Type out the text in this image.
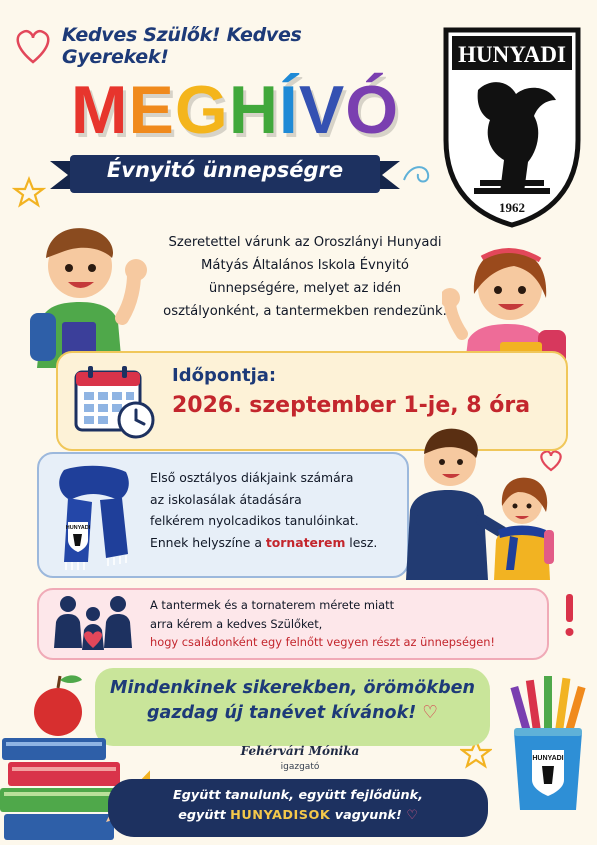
Kedves Szülők! Kedves Gyerekek!
MEGHÍVÓ
Évnyitó ünnepségre
HUNYADI
1962
Szeretettel várunk az Oroszlányi Hunyadi Mátyás Általános Iskola Évnyitó ünnepségére, melyet az idén osztályonként, a tantermekben rendezünk.
Időpontja:
2026. szeptember 1-je, 8 óra
HUNYADI
Első osztályos diákjaink számára
az iskolasálak átadására
felkérem nyolcadikos tanulóinkat.
Ennek helyszíne a tornaterem lesz.
A tantermek és a tornaterem mérete miatt
arra kérem a kedves Szülőket,
hogy családonként egy felnőtt vegyen részt az ünnepségen!
Mindenkinek sikerekben, örömökben
gazdag új tanévet kívánok! ♡
HUNYADI
Fehérvári Mónika
igazgató
Együtt tanulunk, együtt fejlődünk,
együtt HUNYADISOK vagyunk! ♡
